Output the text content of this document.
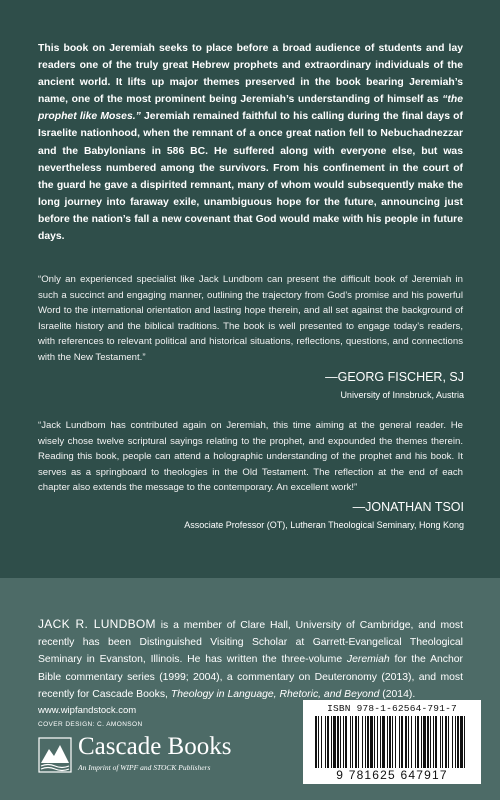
This book on Jeremiah seeks to place before a broad audience of students and lay readers one of the truly great Hebrew prophets and extraordinary individuals of the ancient world. It lifts up major themes preserved in the book bearing Jeremiah’s name, one of the most prominent being Jeremiah’s understanding of himself as “the prophet like Moses.” Jeremiah remained faithful to his calling during the final days of Israelite nationhood, when the remnant of a once great nation fell to Nebuchadnezzar and the Babylonians in 586 BC. He suffered along with everyone else, but was nevertheless numbered among the survivors. From his confinement in the court of the guard he gave a dispirited remnant, many of whom would subsequently make the long journey into faraway exile, unambiguous hope for the future, announcing just before the nation’s fall a new covenant that God would make with his people in future days.

“Only an experienced specialist like Jack Lundbom can present the difficult book of Jeremiah in such a succinct and engaging manner, outlining the trajectory from God’s promise and his powerful Word to the international orientation and lasting hope therein, and all set against the background of Israelite history and the biblical traditions. The book is well presented to engage today’s readers, with references to relevant political and historical situations, reflections, questions, and connections with the New Testament.”

—GEORG FISCHER, SJ

University of Innsbruck, Austria

“Jack Lundbom has contributed again on Jeremiah, this time aiming at the general reader. He wisely chose twelve scriptural sayings relating to the prophet, and expounded the themes therein. Reading this book, people can attend a holographic understanding of the prophet and his book. It serves as a springboard to theologies in the Old Testament. The reflection at the end of each chapter also extends the message to the contemporary. An excellent work!”

—JONATHAN TSOI

Associate Professor (OT), Lutheran Theological Seminary, Hong Kong

JACK R. LUNDBOM is a member of Clare Hall, University of Cambridge, and most recently has been Distinguished Visiting Scholar at Garrett-Evangelical Theological Seminary in Evanston, Illinois. He has written the three-volume Jeremiah for the Anchor Bible commentary series (1999; 2004), a commentary on Deuteronomy (2013), and most recently for Cascade Books, Theology in Language, Rhetoric, and Beyond (2014).

www.wipfandstock.com

COVER DESIGN: C. AMONSON

Cascade Books

An Imprint of WIPF and STOCK Publishers

ISBN 978-1-62564-791-7

9 781625 647917
